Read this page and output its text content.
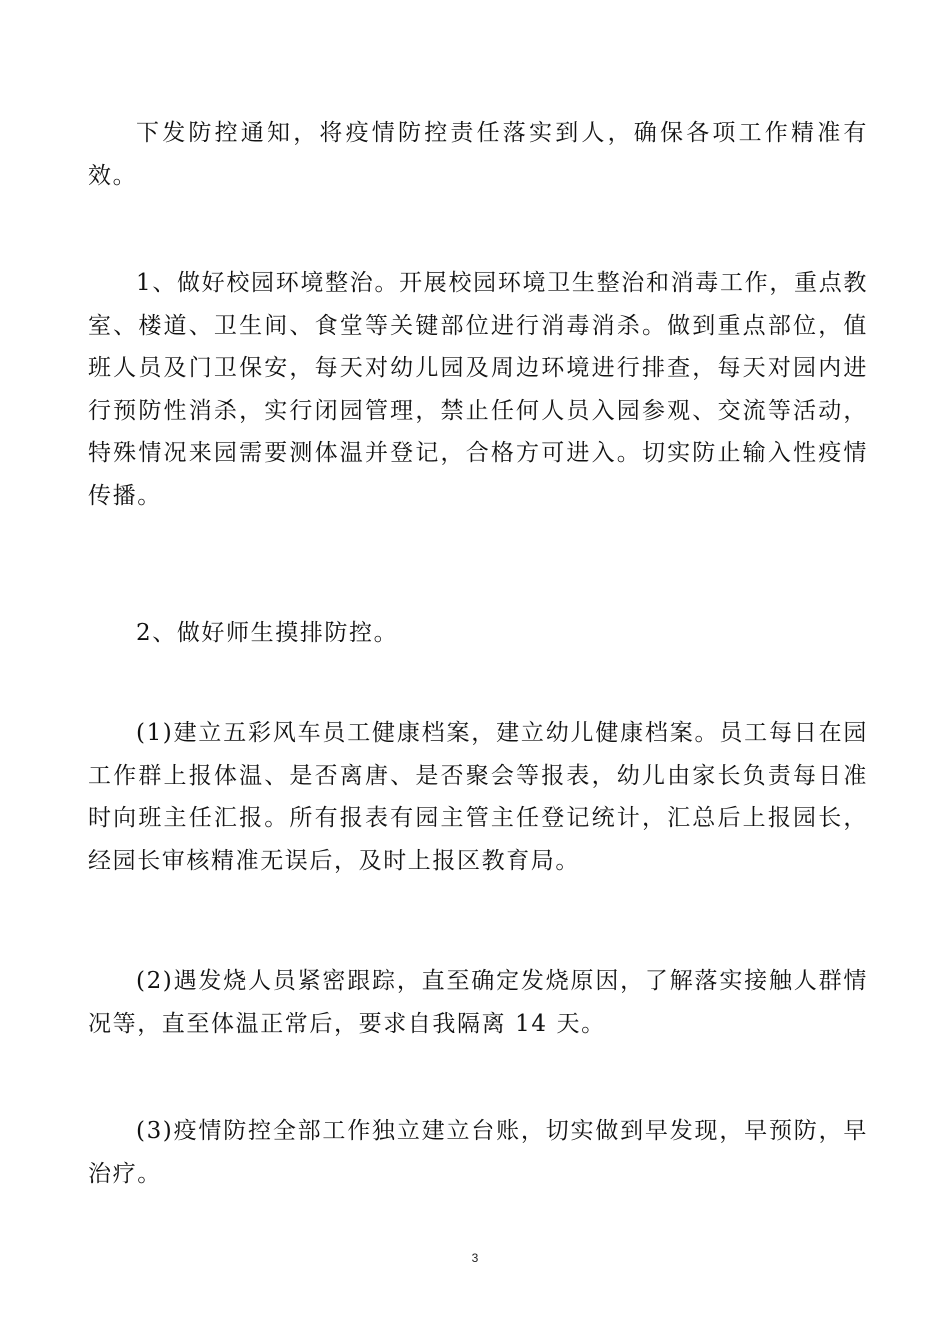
下发防控通知，将疫情防控责任落实到人，确保各项工作精准有效。

1、做好校园环境整治。开展校园环境卫生整治和消毒工作，重点教室、楼道、卫生间、食堂等关键部位进行消毒消杀。做到重点部位，值班人员及门卫保安，每天对幼儿园及周边环境进行排查，每天对园内进行预防性消杀，实行闭园管理，禁止任何人员入园参观、交流等活动，特殊情况来园需要测体温并登记，合格方可进入。切实防止输入性疫情传播。

2、做好师生摸排防控。

(1)建立五彩风车员工健康档案，建立幼儿健康档案。员工每日在园工作群上报体温、是否离唐、是否聚会等报表，幼儿由家长负责每日准时向班主任汇报。所有报表有园主管主任登记统计，汇总后上报园长，经园长审核精准无误后，及时上报区教育局。

(2)遇发烧人员紧密跟踪，直至确定发烧原因，了解落实接触人群情况等，直至体温正常后，要求自我隔离 14 天。

(3)疫情防控全部工作独立建立台账，切实做到早发现，早预防，早治疗。

3
